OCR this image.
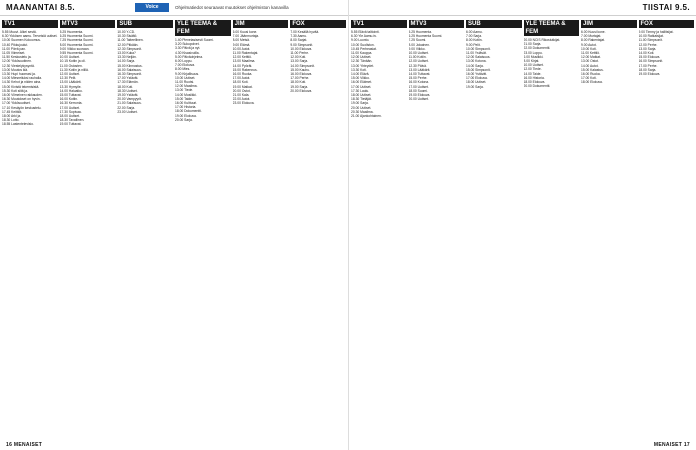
MAANANTAI 8.5.	Voice	Ohjelmatiedot seuraavat muutokset ohjelmiston kanavilla
TV1
5.55 Muovi. Alkei sestä.
6.30 Ykkösen aamu. Terveisiä uutiset.
10.00 Suomen Kokoomus.
10.40 Pikkujoulut.
11.00 Piirrä pan.
11.05 Viimeiset.
11.50 Keskustelu ja.
12.00 Ykkösuutinen.
12.30 Viestelykysyntä.
13.00 Muutos ikä.
13.30 Hupi huomasi ja.
14.00 Miesreiluksi rauhalla.
14.30 Kehot ja niiden aina.
15.00 Kivistä tekemisistä.
15.30 Koti siitä ja.
16.00 Viimeinen rakkauden.
16.30 Muutokset on hyvin.
17.00 Ykkösuutiset.
17.10 Kesäyön keskustelu.
17.45 Keittiöt.
18.00 Arki ja.
18.30 Lotto.
18.55 Lastentelevisio.
MTV3
5.25 Huomenta.
6.25 Huomenta Suomi.
7.25 Huomenta Suomi.
8.00 Huomenta Suomi.
9.00 Viikko suoraan.
9.55 Huomenta Suomi.
10.00 Uutiset.
10.15 Kotiin ja oli.
11.00 Ostosten.
11.30 Kotiin ja niillä.
12.00 Uutiset.
12.30 Pelit.
13.00 Lääkärit.
13.30 Hymyile.
14.00 Haluatko.
15.00 Tuttavat.
16.00 Kotiin.
16.30 Kerronta.
17.00 Uutiset.
17.30 Sopivaa.
18.00 Uutiset.
18.30 Tavallinen.
19.00 Tuttavat.
SUB
10.00 Y-CD.
10.30 Sisältö.
11.00 Taiteellinen.
12.00 Pitkään.
12.30 Simpsonit.
13.00 Kuka?
13.30 Neljän.
14.00 Sarja.
15.00 Kiinnostus.
16.00 Salaisuus.
16.30 Simpsonit.
17.00 Ystävät.
17.30 Elämän.
18.00 Koti.
18.30 Uutiset.
19.00 Ystävät.
20.00 Vampyyrit.
21.00 Salaisuus.
22.00 Sarja.
23.00 Uutiset.
YLE TEEMA & FEM
1.40 Pienetasisesti Suomi.
3.20 Sukupolvet.
3.30 Päivä ja nyt.
4.30 Kisasivuilla.
5.00 Päiväohjelma.
6.00 Loppu.
7.00 Elokuva.
8.00 Mies.
9.00 Kirjallisuus.
10.00 Uutiset.
11.00 Ruotsi.
12.00 Maailma.
13.00 Tiede.
14.00 Musiikki.
15.00 Taide.
16.00 Kulttuuri.
17.00 Historia.
18.00 Dokumentti.
19.00 Elokuva.
20.00 Sarja.
JIM
6.00 Kuusi kone.
7.00 Jäänmurtaja.
8.00 Metsä.
9.00 Elämä.
10.00 Autot.
11.00 Rakentajat.
12.00 Keittiö.
13.00 Maailma.
14.00 Pyörät.
15.00 Rakennus.
16.00 Ruoka.
17.00 Autot.
18.00 Koti.
19.00 Matkat.
20.00 Ostot.
21.00 Kala.
22.00 Autot.
23.00 Elokuva.
FOX
7.00 Kesällä hyvää.
7.30 Aamu.
8.00 Sarjat.
9.00 Simpsonit.
10.00 Elokuva.
11.00 Perhe.
12.00 Koti.
13.00 Sarja.
14.00 Simpsonit.
15.00 Kauhu.
16.00 Elokuva.
17.00 Perhe.
18.00 Koti.
19.00 Sarja.
20.00 Elokuva.
16 MENAISET
TIISTAI 9.5.
TV1
5.55 Elävä taltiointi.
6.30 Yle Aamu-tv.
9.00 Luonto.
10.00 Suoliston.
10.45 Perheasiat.
11.00 Kauppa.
12.00 Uutiset.
12.30 Tänään.
13.00 Yhteydet.
13.30 Koti.
14.00 Elävä.
15.00 Viikko.
16.00 Eläimet.
17.00 Uutiset.
17.30 Laulu.
18.00 Uutiset.
18.30 Tietäjät.
19.00 Sarja.
20.00 Uutiset.
20.30 Maailma.
21.00 Ajankohtainen.
MTV3
5.25 Huomenta.
6.25 Huomenta Suomi.
7.25 Suomi.
8.00 Jokainen.
9.00 Viikko.
10.00 Uutiset.
11.00 Kotiin.
12.00 Uutiset.
12.30 Päivä.
13.00 Lääkärit.
14.00 Tuttavat.
15.00 Perhe.
16.00 Kotona.
17.00 Uutiset.
18.00 Suomi.
19.00 Elokuva.
20.00 Uutiset.
SUB
6.00 Aamu.
7.00 Sarja.
8.00 Kotiin.
9.00 Pelit.
10.00 Simpsonit.
11.00 Ystävät.
12.00 Salaisuus.
13.00 Kotona.
14.00 Sarja.
15.00 Simpsonit.
16.00 Ystävät.
17.00 Elokuva.
18.00 Uutiset.
19.00 Sarja.
YLE TEEMA & FEM
20.00 NCIS Rikostutkijat.
21.00 Sarja.
22.00 Dokumentti.
23.00 Loppu.
6.00 Musiikki.
8.00 Kirjat.
10.00 Uutiset.
12.00 Tiede.
14.00 Taide.
16.00 Historia.
18.00 Elokuva.
20.00 Dokumentti.
JIM
6.00 Kuusi kone.
7.00 Murtajat.
8.00 Rakentajat.
9.00 Autot.
10.00 Koti.
11.00 Keittiö.
12.00 Matkat.
13.00 Ostot.
14.00 Autot.
15.00 Kalastus.
16.00 Ruoka.
17.00 Koti.
18.00 Elokuva.
FOX
9.00 Timmy ja hallitsijat.
10.00 Ratkaisijat.
11.00 Simpsonit.
12.00 Perhe.
13.00 Sarja.
14.00 Koti.
15.00 Elokuva.
16.00 Simpsonit.
17.00 Perhe.
18.00 Sarja.
19.00 Elokuva.
MENAISET 17
